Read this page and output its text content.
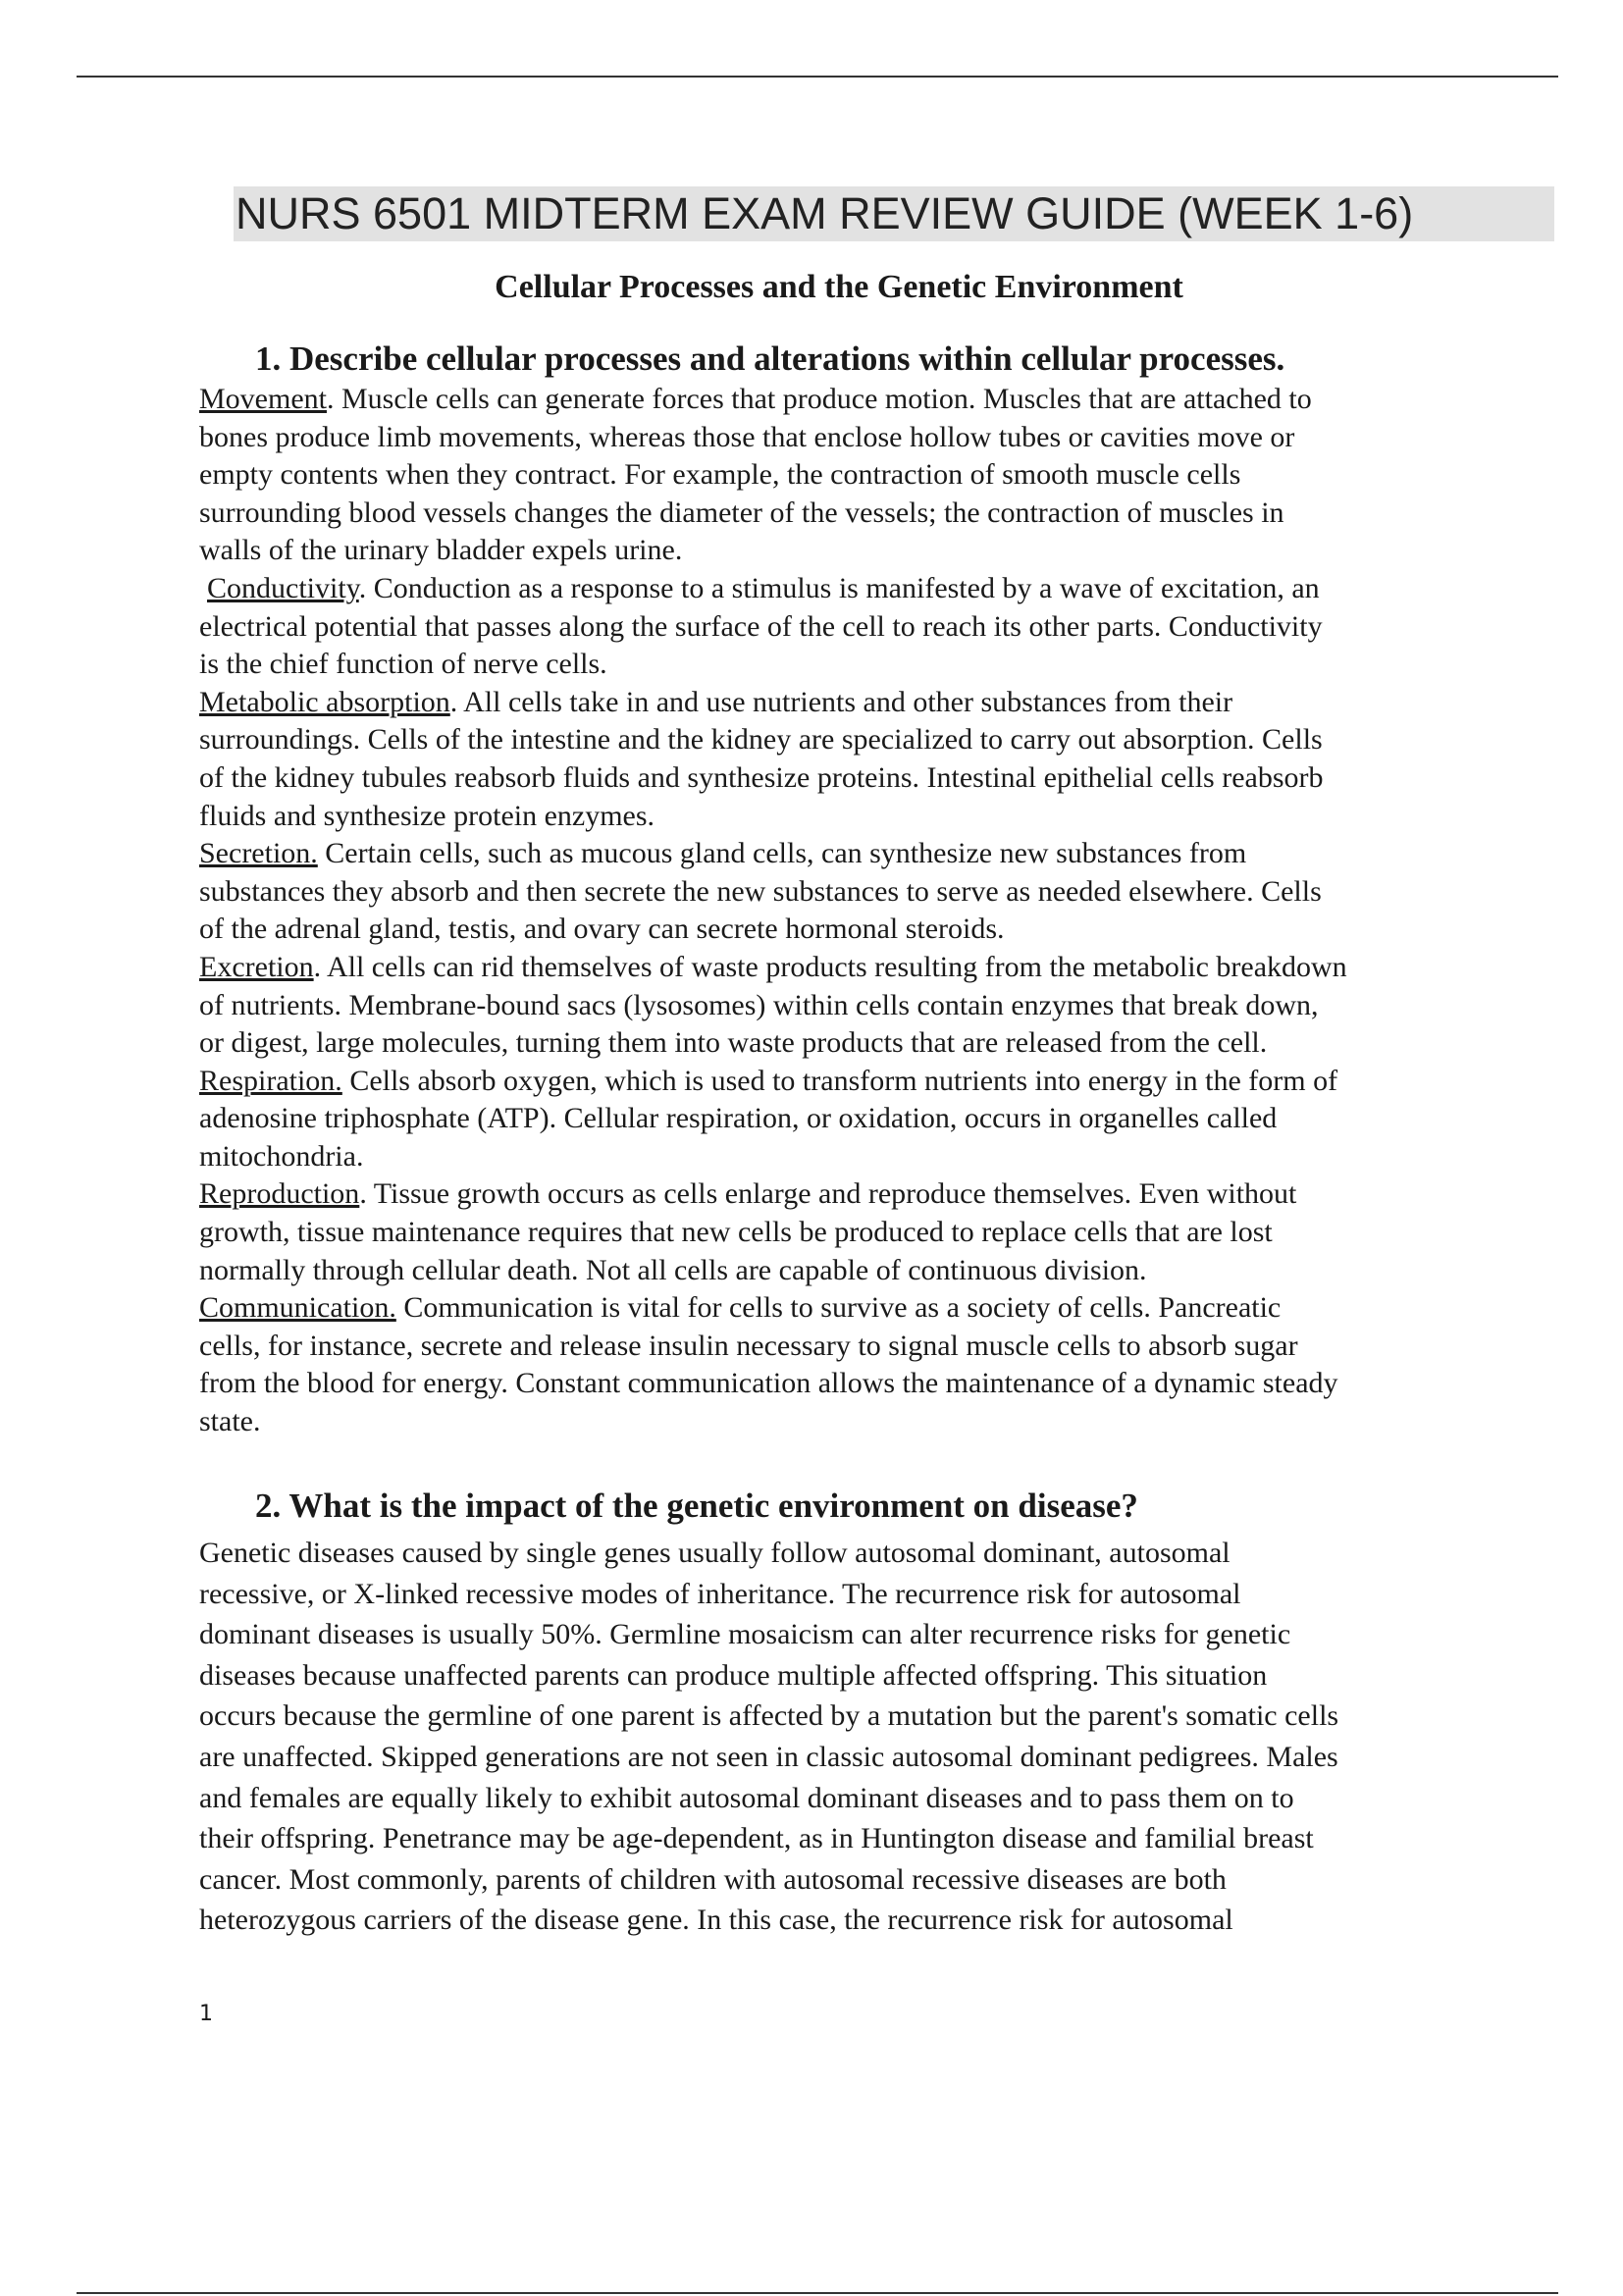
NURS 6501 MIDTERM EXAM REVIEW GUIDE (WEEK 1-6)
Cellular Processes and the Genetic Environment
1. Describe cellular processes and alterations within cellular processes.
Movement. Muscle cells can generate forces that produce motion. Muscles that are attached to
bones produce limb movements, whereas those that enclose hollow tubes or cavities move or
empty contents when they contract. For example, the contraction of smooth muscle cells
surrounding blood vessels changes the diameter of the vessels; the contraction of muscles in
walls of the urinary bladder expels urine.
Conductivity. Conduction as a response to a stimulus is manifested by a wave of excitation, an
electrical potential that passes along the surface of the cell to reach its other parts. Conductivity
is the chief function of nerve cells.
Metabolic absorption. All cells take in and use nutrients and other substances from their
surroundings. Cells of the intestine and the kidney are specialized to carry out absorption. Cells
of the kidney tubules reabsorb fluids and synthesize proteins. Intestinal epithelial cells reabsorb
fluids and synthesize protein enzymes.
Secretion. Certain cells, such as mucous gland cells, can synthesize new substances from
substances they absorb and then secrete the new substances to serve as needed elsewhere. Cells
of the adrenal gland, testis, and ovary can secrete hormonal steroids.
Excretion. All cells can rid themselves of waste products resulting from the metabolic breakdown
of nutrients. Membrane-bound sacs (lysosomes) within cells contain enzymes that break down,
or digest, large molecules, turning them into waste products that are released from the cell.
Respiration. Cells absorb oxygen, which is used to transform nutrients into energy in the form of
adenosine triphosphate (ATP). Cellular respiration, or oxidation, occurs in organelles called
mitochondria.
Reproduction. Tissue growth occurs as cells enlarge and reproduce themselves. Even without
growth, tissue maintenance requires that new cells be produced to replace cells that are lost
normally through cellular death. Not all cells are capable of continuous division.
Communication. Communication is vital for cells to survive as a society of cells. Pancreatic
cells, for instance, secrete and release insulin necessary to signal muscle cells to absorb sugar
from the blood for energy. Constant communication allows the maintenance of a dynamic steady
state.
2. What is the impact of the genetic environment on disease?
Genetic diseases caused by single genes usually follow autosomal dominant, autosomal
recessive, or X-linked recessive modes of inheritance. The recurrence risk for autosomal
dominant diseases is usually 50%. Germline mosaicism can alter recurrence risks for genetic
diseases because unaffected parents can produce multiple affected offspring. This situation
occurs because the germline of one parent is affected by a mutation but the parent's somatic cells
are unaffected. Skipped generations are not seen in classic autosomal dominant pedigrees. Males
and females are equally likely to exhibit autosomal dominant diseases and to pass them on to
their offspring. Penetrance may be age-dependent, as in Huntington disease and familial breast
cancer. Most commonly, parents of children with autosomal recessive diseases are both
heterozygous carriers of the disease gene. In this case, the recurrence risk for autosomal
1
